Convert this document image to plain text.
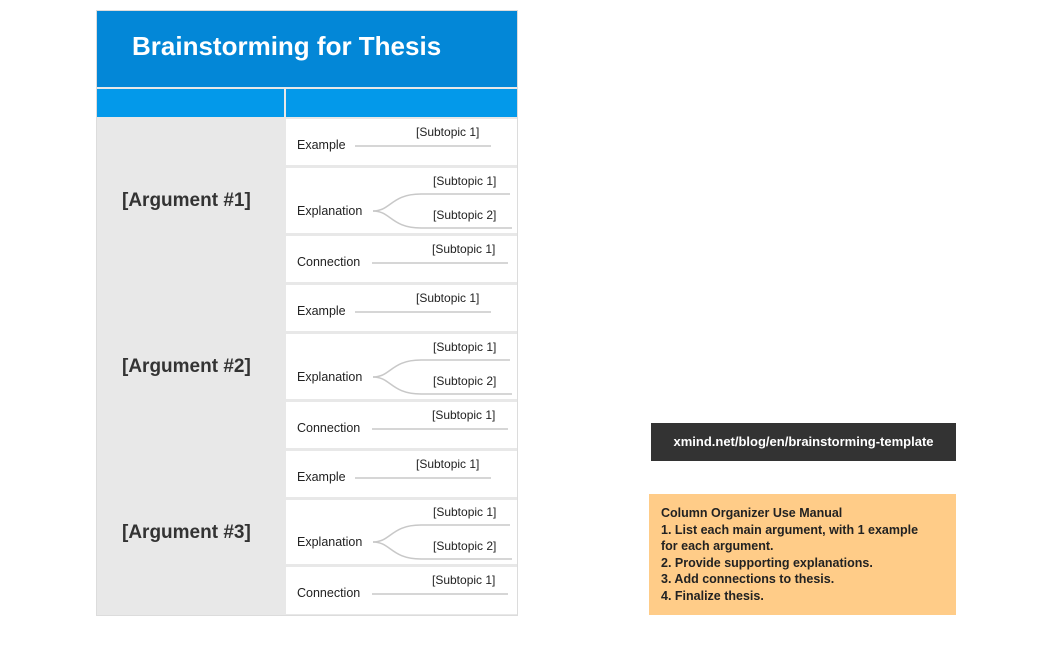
Brainstorming for Thesis
[Argument #1]
Example
[Subtopic 1]
Explanation
[Subtopic 1]
[Subtopic 2]
Connection
[Subtopic 1]
[Argument #2]
Example
[Subtopic 1]
Explanation
[Subtopic 1]
[Subtopic 2]
Connection
[Subtopic 1]
[Argument #3]
Example
[Subtopic 1]
Explanation
[Subtopic 1]
[Subtopic 2]
Connection
[Subtopic 1]
xmind.net/blog/en/brainstorming-template
Column Organizer Use Manual
1. List each main argument, with 1 example
for each argument.
2. Provide supporting explanations.
3. Add connections to thesis.
4. Finalize thesis.
